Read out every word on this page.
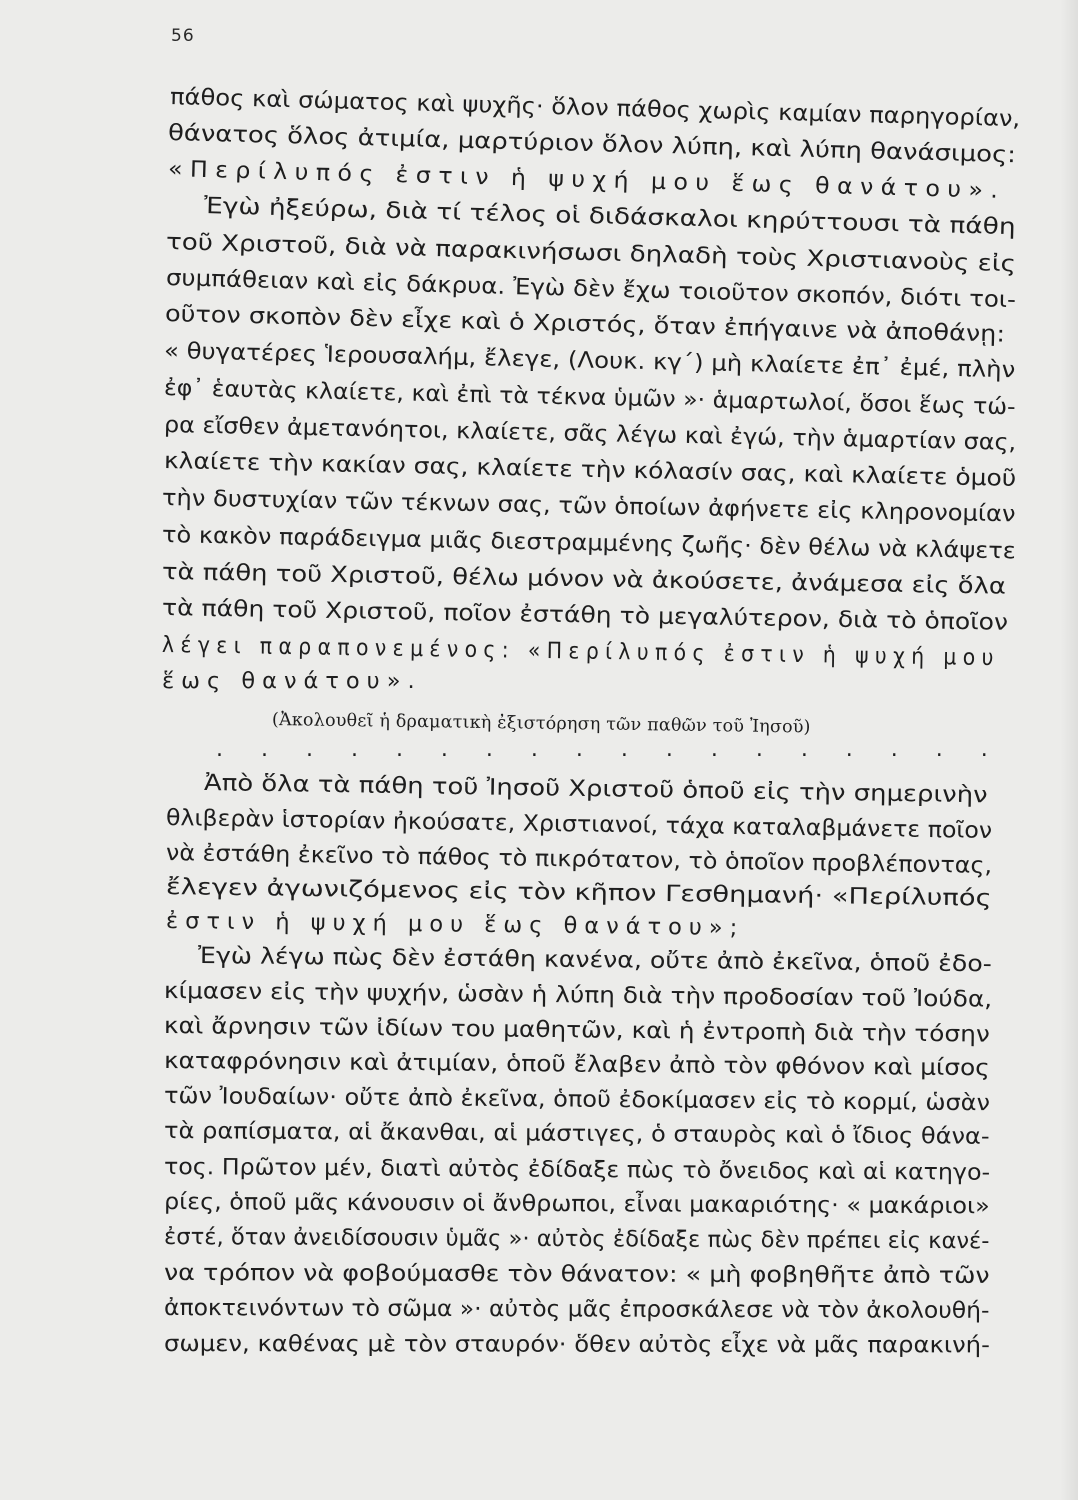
56
πάθος καὶ σώματος καὶ ψυχῆς· ὅλον πάθος χωρὶς καμίαν παρηγορίαν,
θάνατος ὅλος ἀτιμία, μαρτύριον ὅλον λύπη, καὶ λύπη θανάσιμος:
«Περίλυπός ἐστιν ἡ ψυχή μου ἕως θανάτου».
Ἐγὼ ἠξεύρω, διὰ τί τέλος οἱ διδάσκαλοι κηρύττουσι τὰ πάθη
τοῦ Χριστοῦ, διὰ νὰ παρακινήσωσι δηλαδὴ τοὺς Χριστιανοὺς εἰς
συμπάθειαν καὶ εἰς δάκρυα. Ἐγὼ δὲν ἔχω τοιοῦτον σκοπόν, διότι τοι-
οῦτον σκοπὸν δὲν εἶχε καὶ ὁ Χριστός, ὅταν ἐπήγαινε νὰ ἀποθάνῃ:
« θυγατέρες Ἱερουσαλήμ, ἔλεγε, (Λουκ. κγ΄) μὴ κλαίετε ἐπ᾽ ἐμέ, πλὴν
ἐφ᾽ ἑαυτὰς κλαίετε, καὶ ἐπὶ τὰ τέκνα ὑμῶν »· ἁμαρτωλοί, ὅσοι ἕως τώ-
ρα εἴσθεν ἀμετανόητοι, κλαίετε, σᾶς λέγω καὶ ἐγώ, τὴν ἁμαρτίαν σας,
κλαίετε τὴν κακίαν σας, κλαίετε τὴν κόλασίν σας, καὶ κλαίετε ὁμοῦ
τὴν δυστυχίαν τῶν τέκνων σας, τῶν ὁποίων ἀφήνετε εἰς κληρονομίαν
τὸ κακὸν παράδειγμα μιᾶς διεστραμμένης ζωῆς· δὲν θέλω νὰ κλάψετε
τὰ πάθη τοῦ Χριστοῦ, θέλω μόνον νὰ ἀκούσετε, ἀνάμεσα εἰς ὅλα
τὰ πάθη τοῦ Χριστοῦ, ποῖον ἐστάθη τὸ μεγαλύτερον, διὰ τὸ ὁποῖον
λέγει παραπονεμένος: «Περίλυπός ἐστιν ἡ ψυχή μου
ἕως θανάτου».
(Ἀκολουθεῖ ἡ δραματικὴ ἐξιστόρηση τῶν παθῶν τοῦ Ἰησοῦ)
. . . . . . . . . . . . . . . . . .
Ἀπὸ ὅλα τὰ πάθη τοῦ Ἰησοῦ Χριστοῦ ὁποῦ εἰς τὴν σημερινὴν
θλιβερὰν ἱστορίαν ἠκούσατε, Χριστιανοί, τάχα καταλαβμάνετε ποῖον
νὰ ἐστάθη ἐκεῖνο τὸ πάθος τὸ πικρότατον, τὸ ὁποῖον προβλέποντας,
ἔλεγεν ἀγωνιζόμενος εἰς τὸν κῆπον Γεσθημανή· «Περίλυπός
ἐστιν ἡ ψυχή μου ἕως θανάτου»;
Ἐγὼ λέγω πὼς δὲν ἐστάθη κανένα, οὔτε ἀπὸ ἐκεῖνα, ὁποῦ ἐδο-
κίμασεν εἰς τὴν ψυχήν, ὡσὰν ἡ λύπη διὰ τὴν προδοσίαν τοῦ Ἰούδα,
καὶ ἄρνησιν τῶν ἰδίων του μαθητῶν, καὶ ἡ ἐντροπὴ διὰ τὴν τόσην
καταφρόνησιν καὶ ἀτιμίαν, ὁποῦ ἔλαβεν ἀπὸ τὸν φθόνον καὶ μίσος
τῶν Ἰουδαίων· οὔτε ἀπὸ ἐκεῖνα, ὁποῦ ἐδοκίμασεν εἰς τὸ κορμί, ὡσὰν
τὰ ραπίσματα, αἱ ἄκανθαι, αἱ μάστιγες, ὁ σταυρὸς καὶ ὁ ἴδιος θάνα-
τος. Πρῶτον μέν, διατὶ αὐτὸς ἐδίδαξε πὼς τὸ ὄνειδος καὶ αἱ κατηγο-
ρίες, ὁποῦ μᾶς κάνουσιν οἱ ἄνθρωποι, εἶναι μακαριότης· « μακάριοι»
ἐστέ, ὅταν ἀνειδίσουσιν ὑμᾶς »· αὐτὸς ἐδίδαξε πὼς δὲν πρέπει εἰς κανέ-
να τρόπον νὰ φοβούμασθε τὸν θάνατον: « μὴ φοβηθῆτε ἀπὸ τῶν
ἀποκτεινόντων τὸ σῶμα »· αὐτὸς μᾶς ἐπροσκάλεσε νὰ τὸν ἀκολουθή-
σωμεν, καθένας μὲ τὸν σταυρόν· ὅθεν αὐτὸς εἶχε νὰ μᾶς παρακινή-
